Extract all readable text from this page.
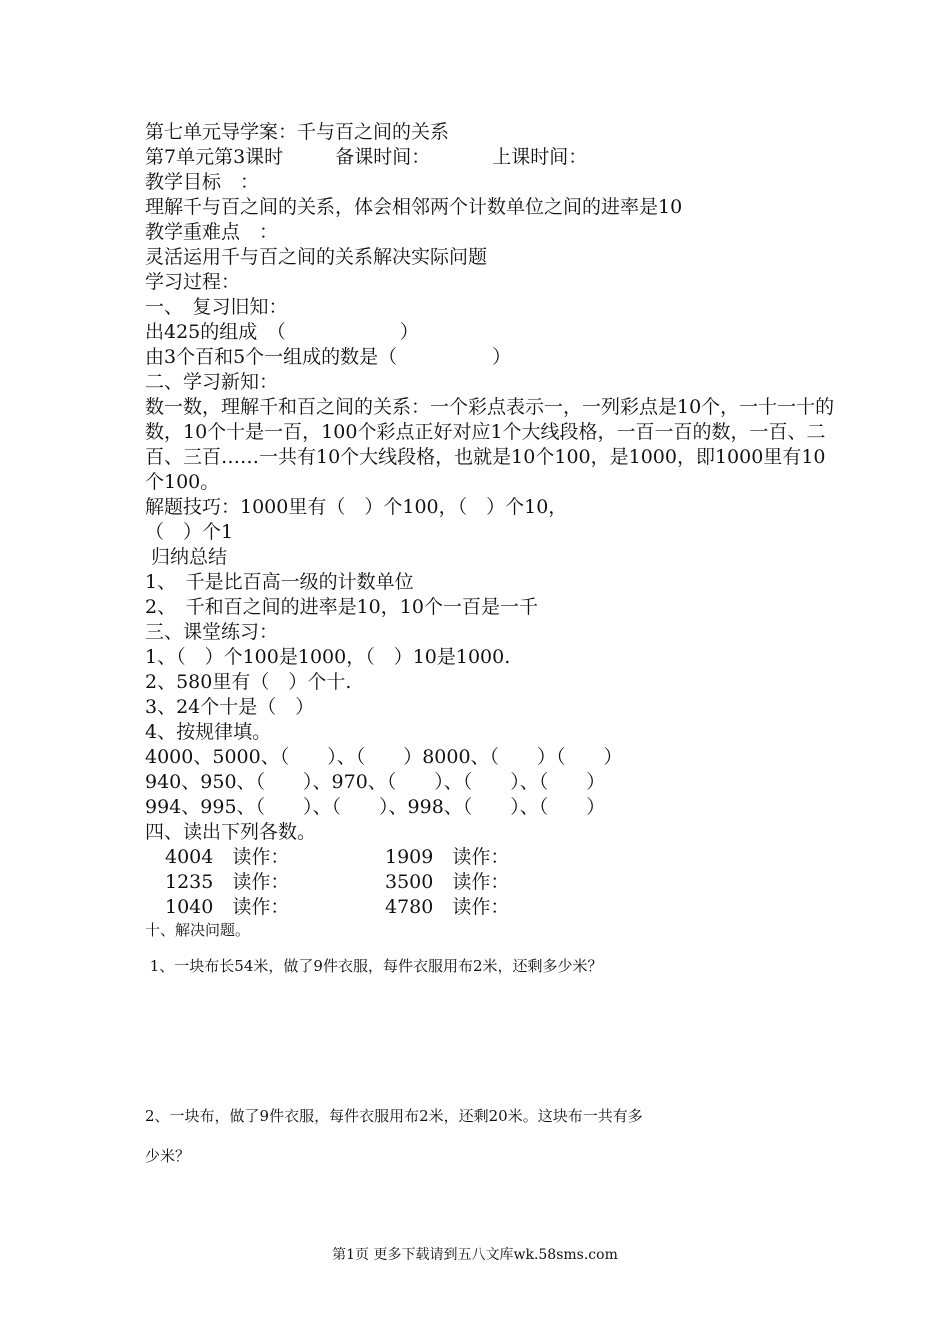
第七单元导学案：千与百之间的关系
第7单元第3课时	备课时间：	上课时间：
教学目标　：
理解千与百之间的关系，体会相邻两个计数单位之间的进率是10
教学重难点　：
灵活运用千与百之间的关系解决实际问题
学习过程：
一、　复习旧知：
出425的组成　（　　　　　　）
由3个百和5个一组成的数是（　　　　　）
二、学习新知：
数一数，理解千和百之间的关系：一个彩点表示一，一列彩点是10个，一十一十的数，10个十是一百，100个彩点正好对应1个大线段格，一百一百的数，一百、二百、三百……一共有10个大线段格，也就是10个100，是1000，即1000里有10个100。
解题技巧：1000里有（　）个100，（　）个10，
（　）个1
归纳总结
1、　千是比百高一级的计数单位
2、　千和百之间的进率是10，10个一百是一千
三、课堂练习：
1、（　）个100是1000，（　）10是1000.
2、580里有（　）个十.
3、24个十是（　）
4、按规律填。
4000、5000、（　　）、（　　）8000、（　　）（　　）
940、950、（　　）、970、（　　）、（　　）、（　　）
994、995、（　　）、（　　）、998、（　　）、（　　）
四、读出下列各数。
4004　读作：	1909　读作：
1235　读作：	3500　读作：
1040　读作：	4780　读作：
十、解决问题。
1、一块布长54米，做了9件衣服，每件衣服用布2米，还剩多少米？
2、一块布，做了9件衣服，每件衣服用布2米，还剩20米。这块布一共有多
少米？
第1页 更多下载请到五八文库wk.58sms.com
